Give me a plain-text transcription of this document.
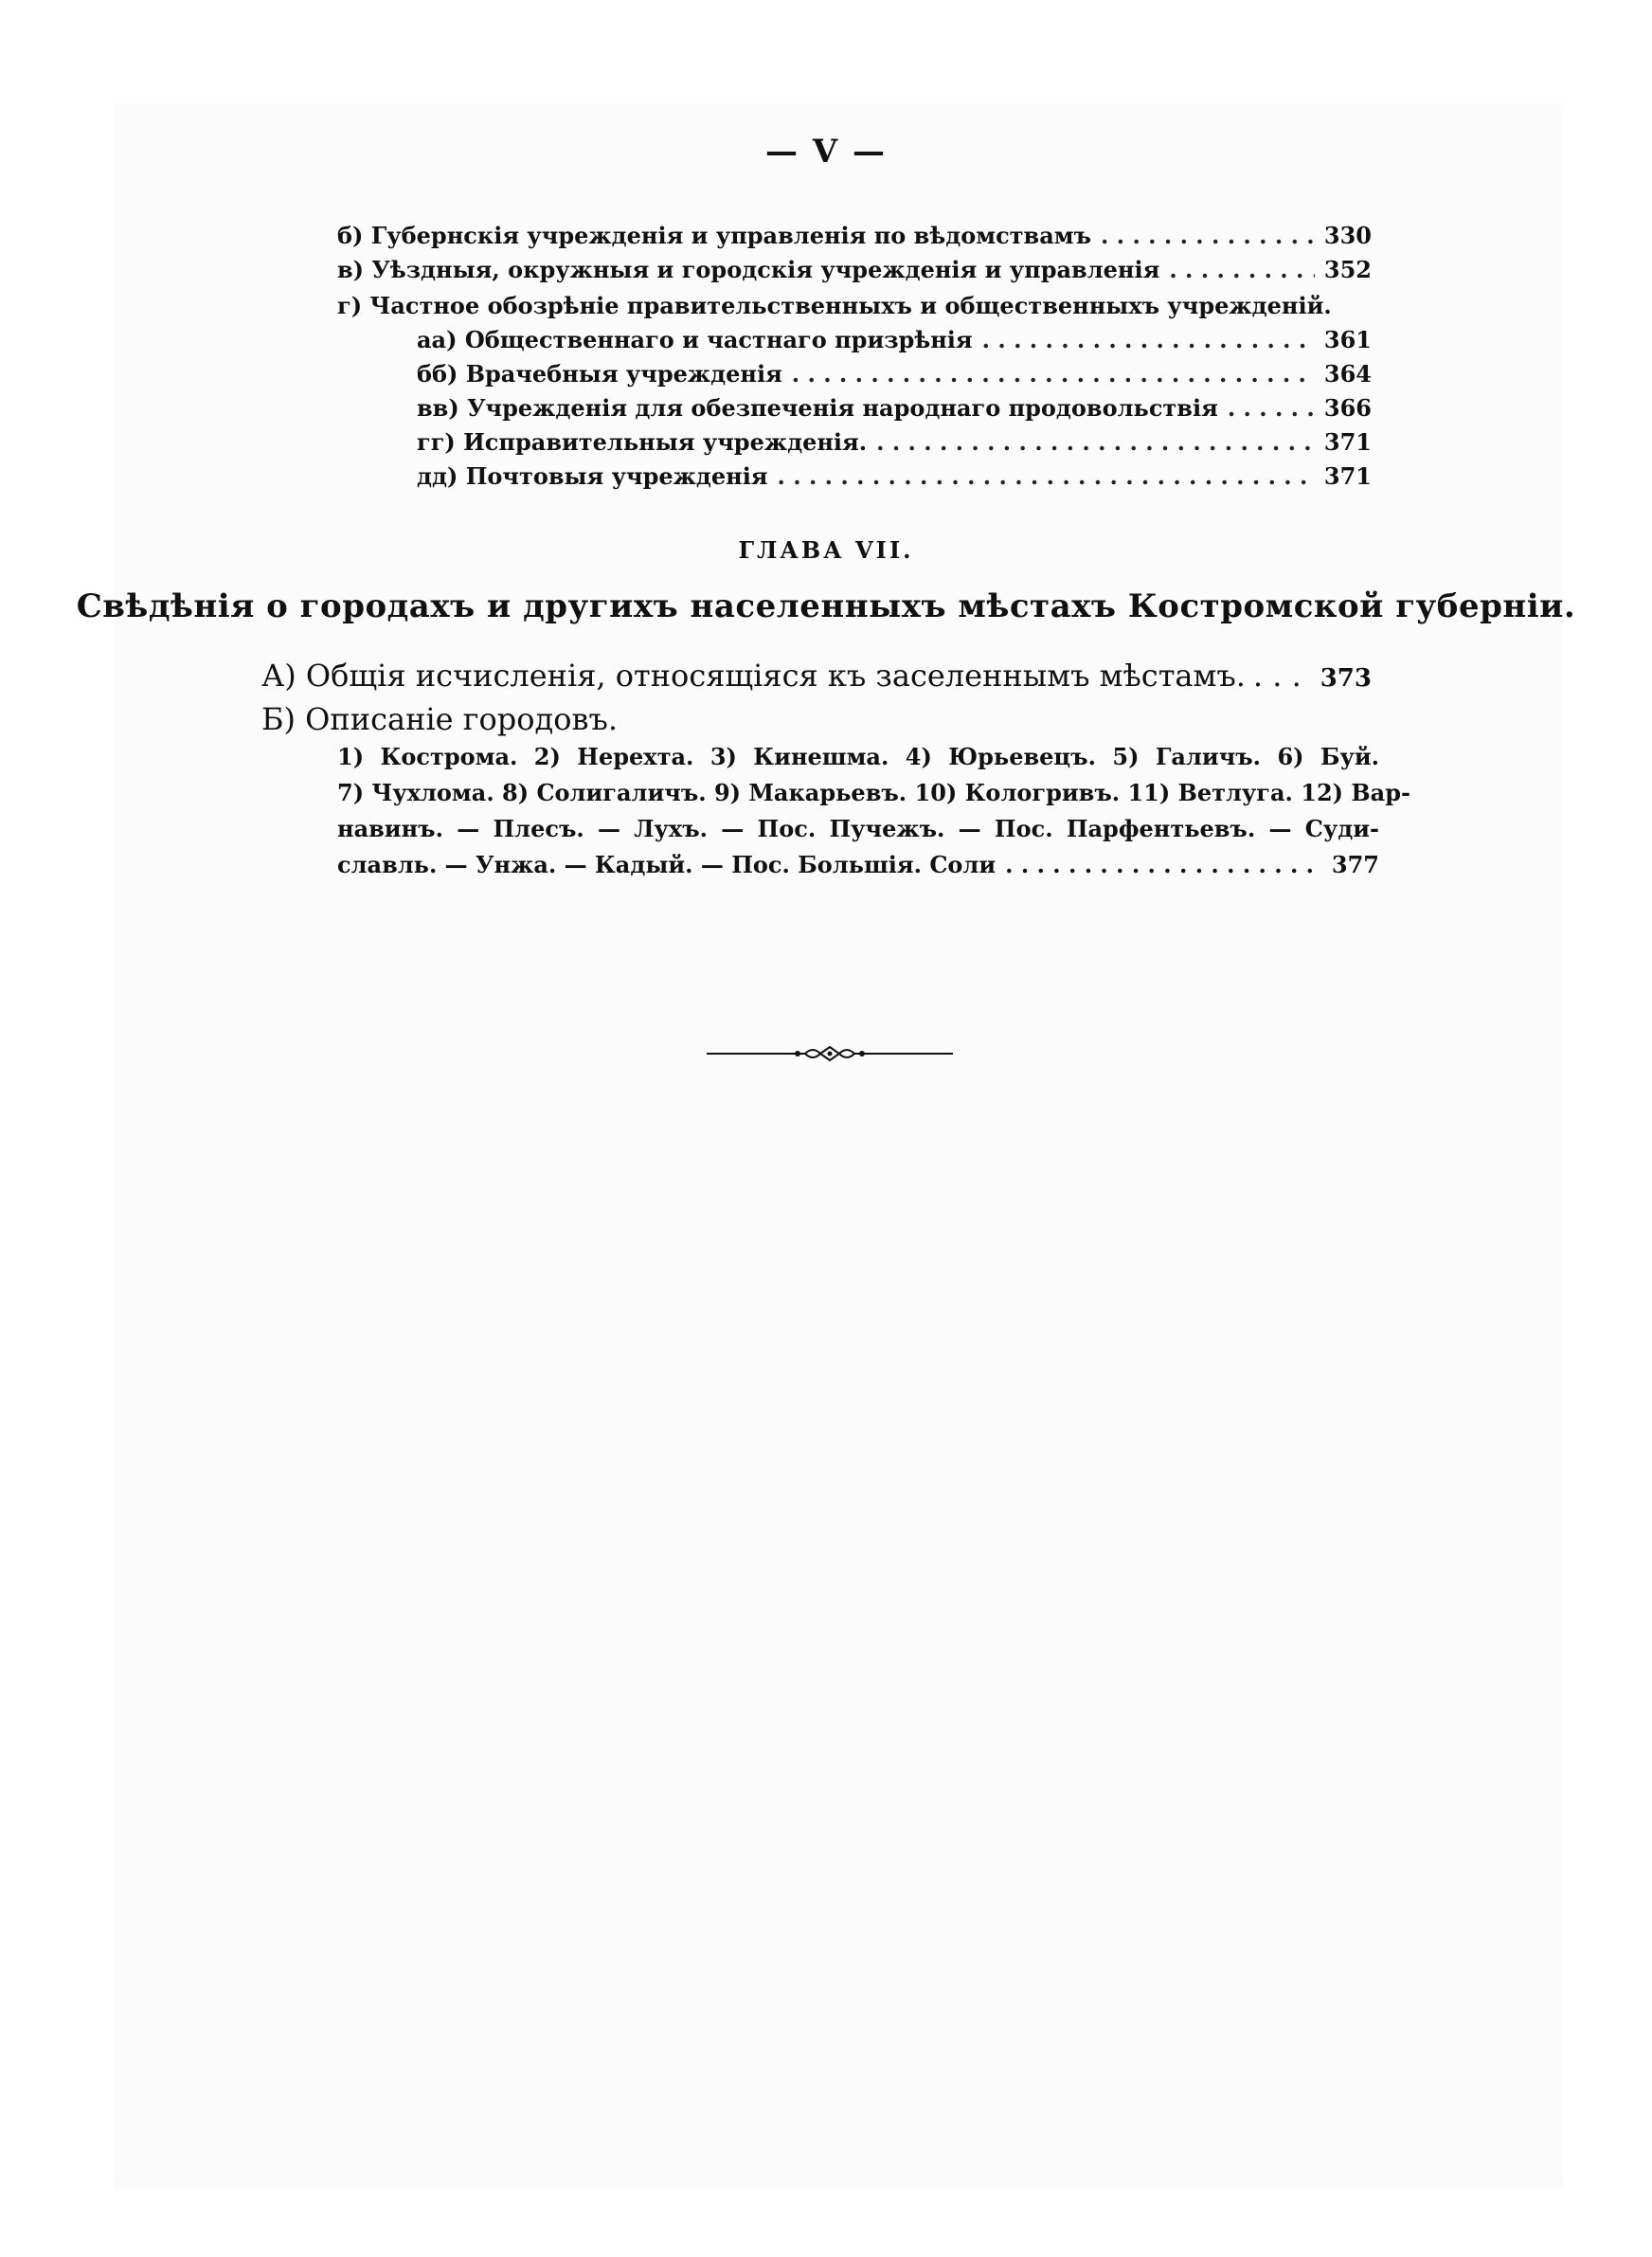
— V —
б) Губернскія учрежденія и управленія по вѣдомствамъ . . .	330
в) Уѣздныя, окружныя и городскія учрежденія и управленія . . .	352
г) Частное обозрѣніе правительственныхъ и общественныхъ учрежденій.
аа) Общественнаго и частнаго призрѣнія . . .	361
бб) Врачебныя учрежденія . . .	364
вв) Учрежденія для обезпеченія народнаго продовольствія . . .	366
гг) Исправительныя учрежденія. . . .	371
дд) Почтовыя учрежденія . . .	371
ГЛАВА VII.
Свѣдѣнія о городахъ и другихъ населенныхъ мѣстахъ Костромской губерніи.
А) Общія исчисленія, относящіяся къ заселеннымъ мѣстамъ. . . .	373
Б) Описаніе городовъ.
1) Кострома. 2) Нерехта. 3) Кинешма. 4) Юрьевецъ. 5) Галичъ. 6) Буй.
7) Чухлома. 8) Солигаличъ. 9) Макарьевъ. 10) Кологривъ. 11) Ветлуга. 12) Вар-
навинъ. — Плесъ. — Лухъ. — Пос. Пучежъ. — Пос. Парфентьевъ. — Суди-
славль. — Унжа. — Кадый. — Пос. Большія. Соли . . .	377
